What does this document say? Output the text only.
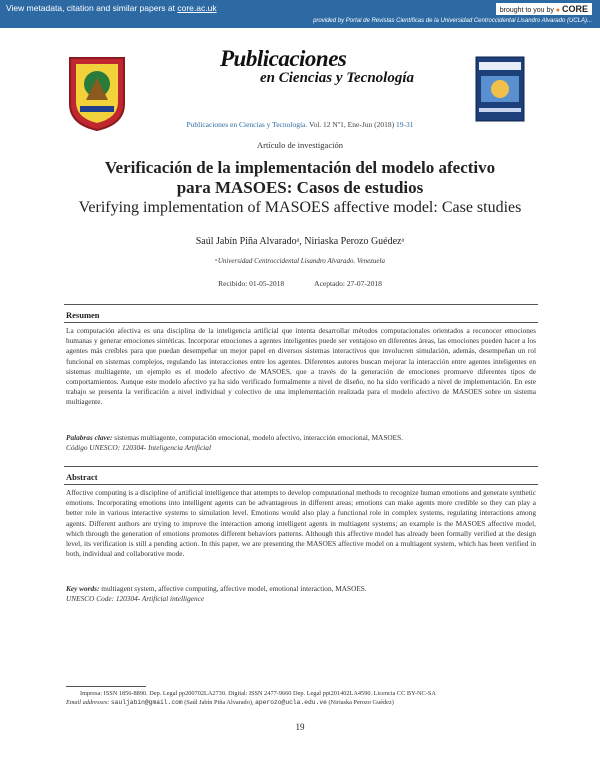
View metadata, citation and similar papers at core.ac.uk	brought to you by ● CORE
provided by Portal de Revistas Científicas de la Universidad Centroccidental Lisandro Alvarado (UCLA)...
Publicaciones
en Ciencias y Tecnología
Publicaciones en Ciencias y Tecnología. Vol. 12 Nº1, Ene-Jun (2018) 19-31
Artículo de investigación
Verificación de la implementación del modelo afectivo
para MASOES: Casos de estudios
Verifying implementation of MASOES affective model: Case studies
Saúl Jabín Piña Alvaradoᵃ, Niriaska Perozo Guédezᵃ
ᵃUniversidad Centroccidental Lisandro Alvarado. Venezuela
Recibido: 01-05-2018	Aceptado: 27-07-2018
Resumen

La computación afectiva es una disciplina de la inteligencia artificial que intenta desarrollar métodos computacionales orientados a reconocer emociones humanas y generar emociones sintéticas. Incorporar emociones a agentes inteligentes puede ser ventajoso en diferentes áreas, las emociones pueden hacer a los agentes más creíbles para que puedan desempeñar un mejor papel en diversos sistemas interactivos que involucren simulación, además, desempeñan un rol funcional en sistemas complejos, regulando las interacciones entre los agentes. Diferentes autores buscan mejorar la interacción entre agentes inteligentes en sistemas multiagente, un ejemplo es el modelo afectivo de MASOES, que a través de la generación de emociones promueve diferentes tipos de comportamientos. Aunque este modelo afectivo ya ha sido verificado formalmente a nivel de diseño, no ha sido verificado a nivel de implementación. En este trabajo se presenta la verificación a nivel individual y colectivo de una implementación realizada para el modelo afectivo de MASOES sobre un sistema multiagente.

Palabras clave: sistemas multiagente, computación emocional, modelo afectivo, interacción emocional, MASOES.
Código UNESCO: 120304- Inteligencia Artificial
Abstract

Affective computing is a discipline of artificial intelligence that attempts to develop computational methods to recognize human emotions and generate synthetic emotions. Incorporating emotions into intelligent agents can be advantageous in different areas; emotions can make agents more credible so they can play a better role in various interactive systems to simulation level. Emotions would also play a functional role in complex systems, regulating interactions among agents. Different authors are trying to improve the interaction among intelligent agents in multiagent systems; an example is the MASOES affective model, which through the generation of emotions promotes different behaviors patterns. Although this affective model has already been formally verified at the design level, its verification is still a pending action. In this paper, we are presenting the MASOES affective model on a multiagent system, which has been verified in both, individual and collaborative mode.

Key words: multiagent system, affective computing, affective model, emotional interaction, MASOES.
UNESCO Code: 120304- Artificial intelligence
Impresa: ISSN 1856-8890. Dep. Legal pp200702LA2730. Digital: ISSN 2477-9660 Dep. Legal ppi201402LA4590. Licencia CC BY-NC-SA
Email addresses: sauljabin@gmail.com (Saúl Jabín Piña Alvarado), aperozo@ucla.edu.ve (Niriaska Perozo Guédez)
19
